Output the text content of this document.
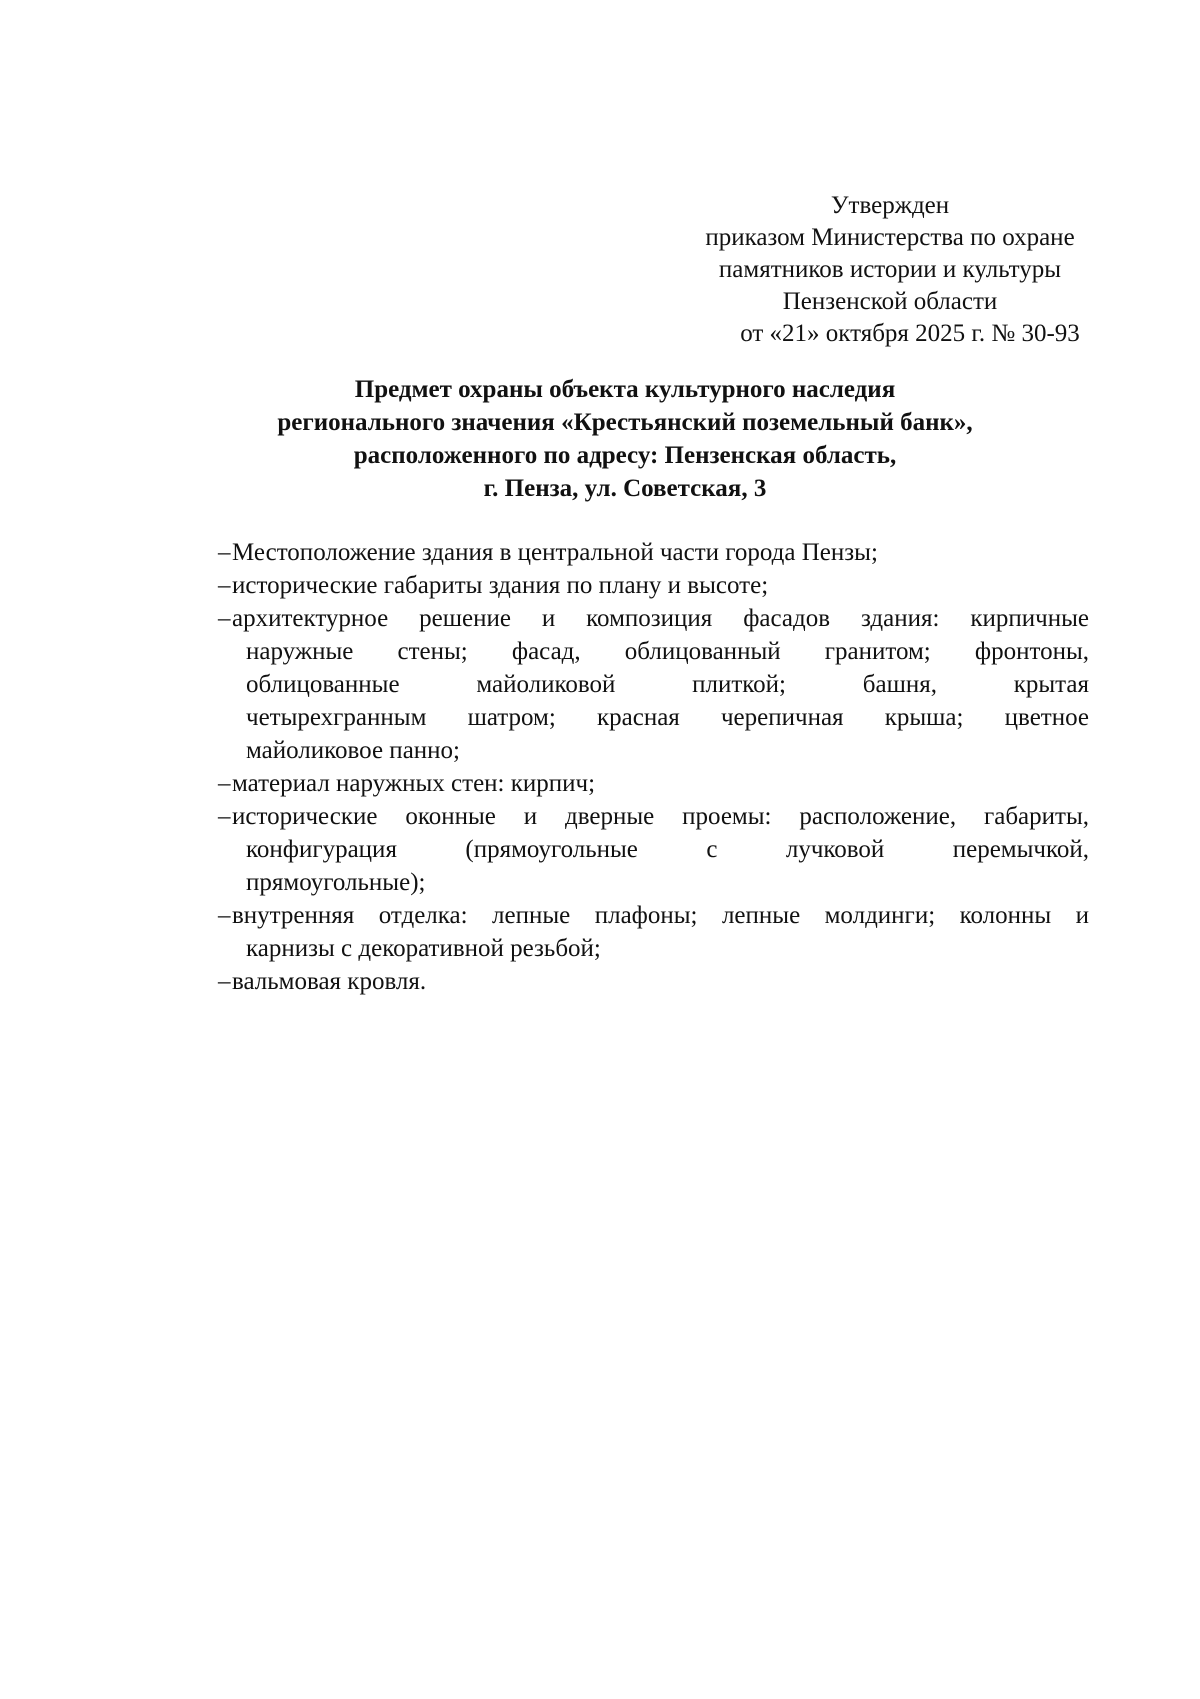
Утвержден
приказом Министерства по охране
памятников истории и культуры
Пензенской области
от «21» октября 2025 г. № 30-93
Предмет охраны объекта культурного наследия
регионального значения «Крестьянский поземельный банк»,
расположенного по адресу: Пензенская область,
г. Пенза, ул. Советская, 3
– Местоположение здания в центральной части города Пензы;
– исторические габариты здания по плану и высоте;
– архитектурное решение и композиция фасадов здания: кирпичные
наружные стены; фасад, облицованный гранитом; фронтоны,
облицованные майоликовой плиткой; башня, крытая
четырехгранным шатром; красная черепичная крыша; цветное
майоликовое панно;
– материал наружных стен: кирпич;
– исторические оконные и дверные проемы: расположение, габариты,
конфигурация (прямоугольные с лучковой перемычкой,
прямоугольные);
– внутренняя отделка: лепные плафоны; лепные молдинги; колонны и
карнизы с декоративной резьбой;
– вальмовая кровля.
